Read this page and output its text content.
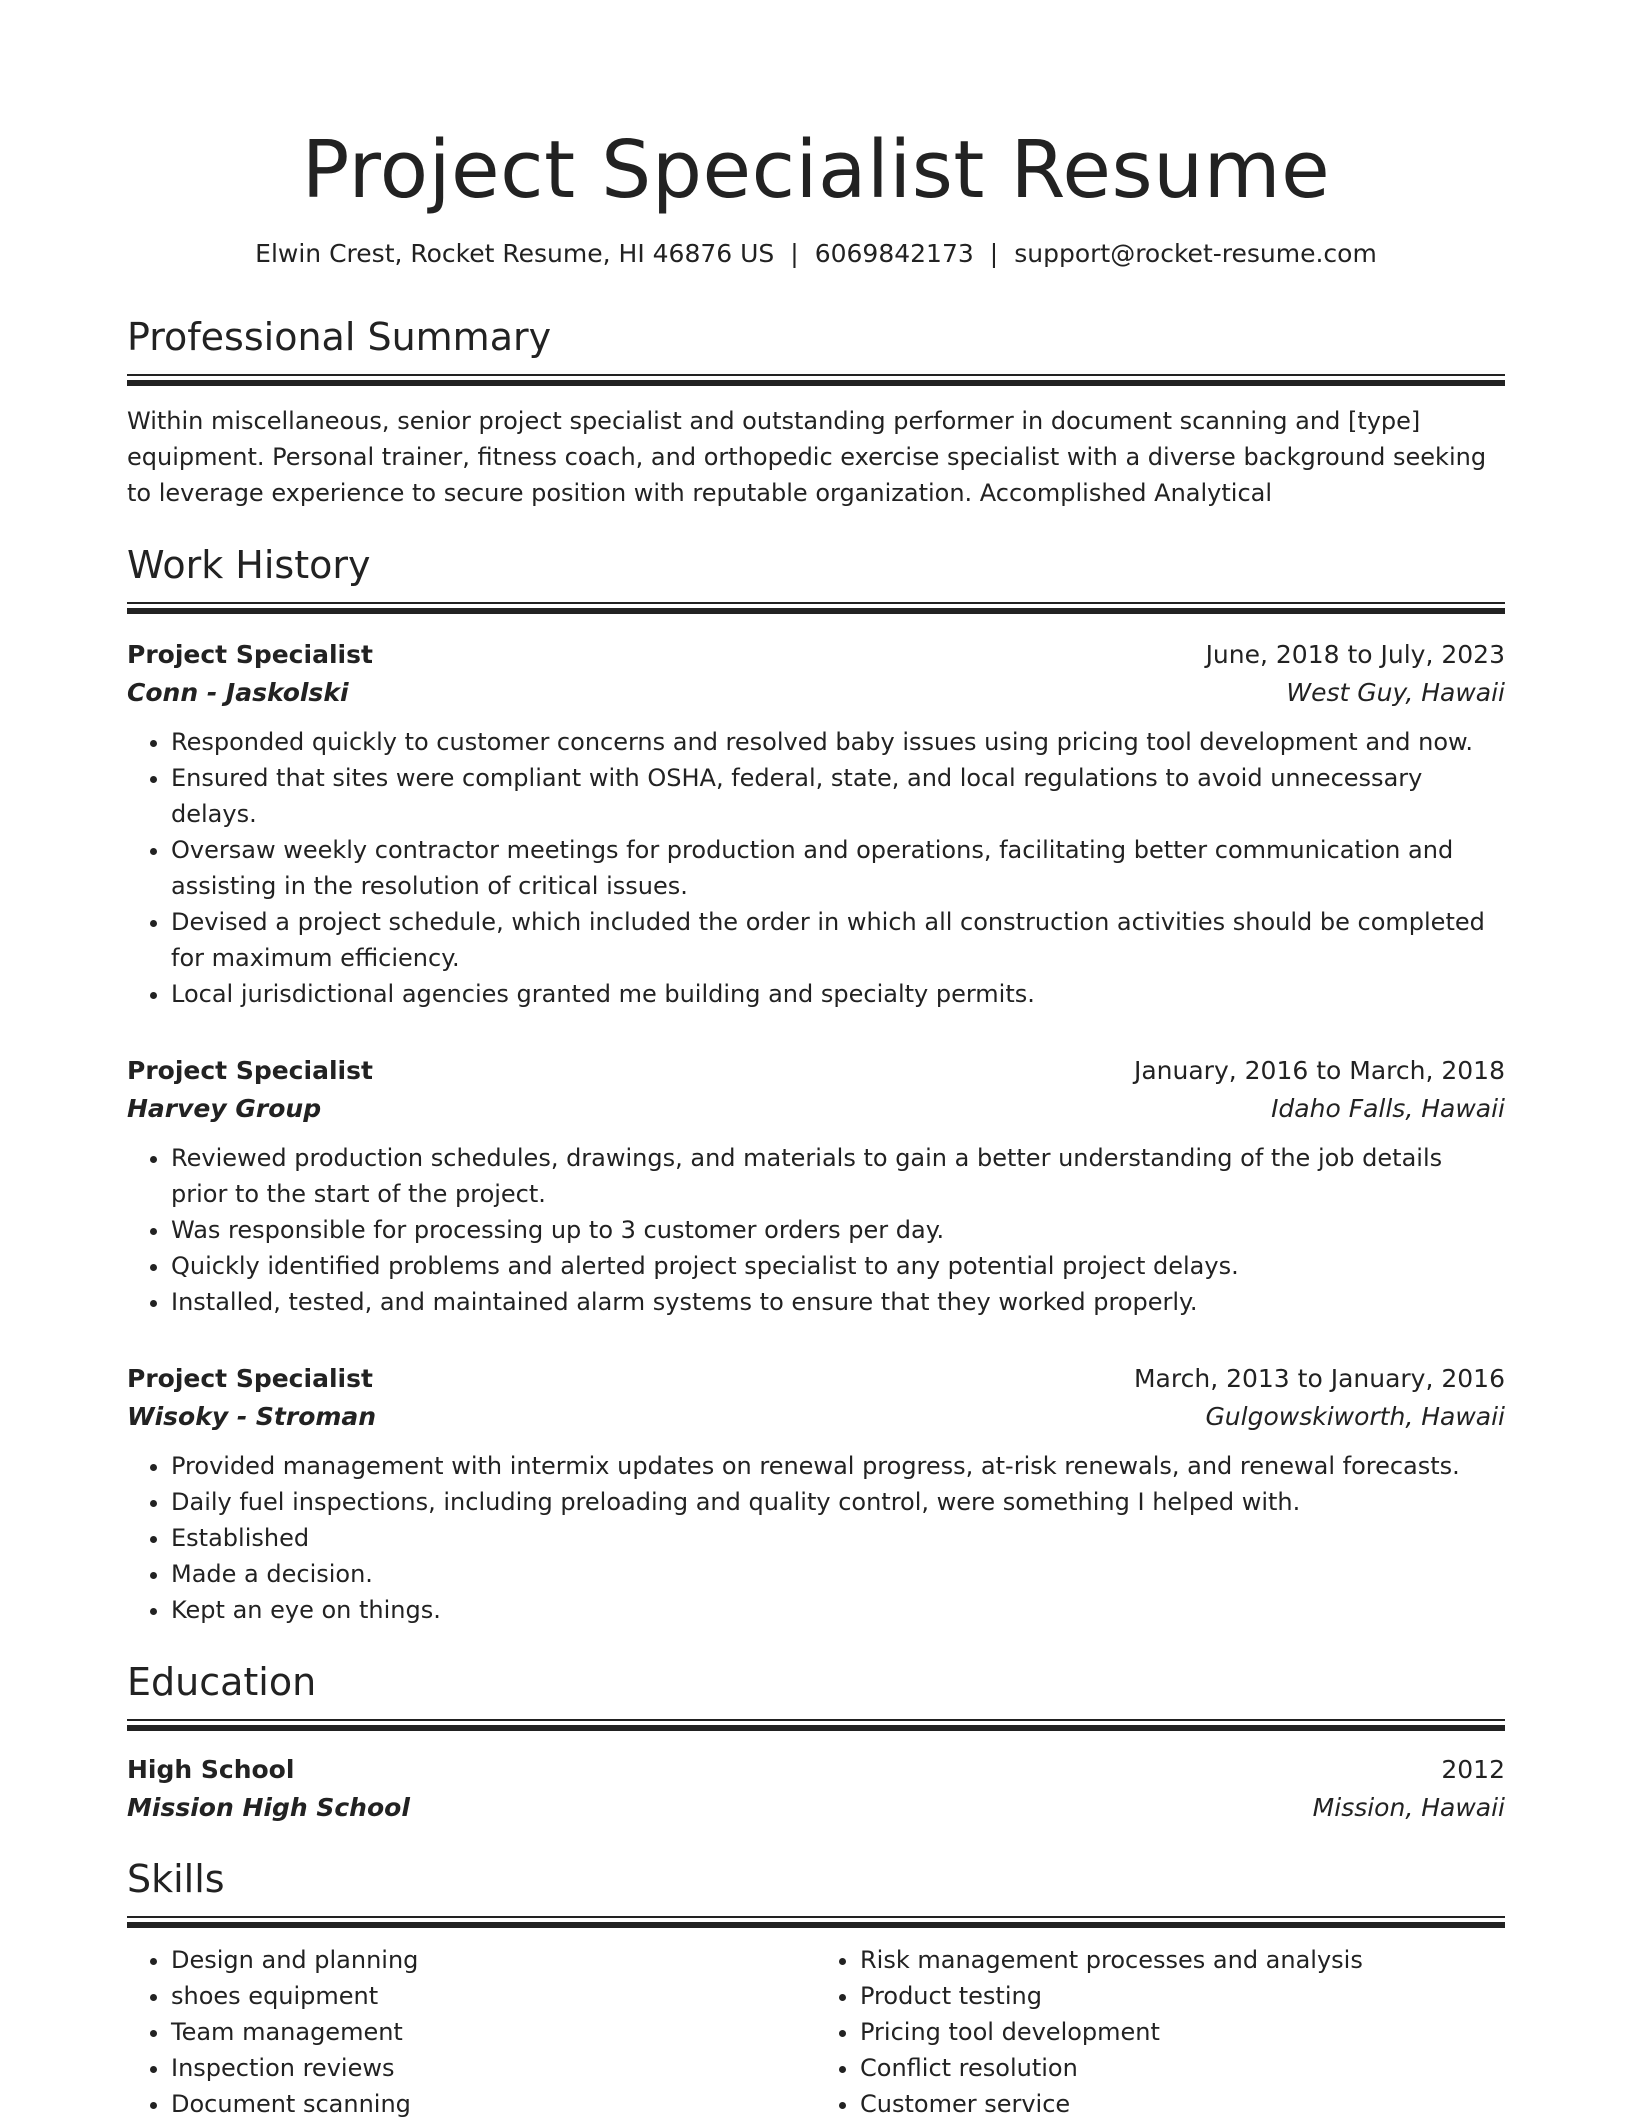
Project Specialist Resume
Elwin Crest, Rocket Resume, HI 46876 US | 6069842173 | support@rocket-resume.com
Professional Summary
Within miscellaneous, senior project specialist and outstanding performer in document scanning and [type] equipment. Personal trainer, fitness coach, and orthopedic exercise specialist with a diverse background seeking to leverage experience to secure position with reputable organization. Accomplished Analytical
Work History
Project Specialist	June, 2018 to July, 2023
Conn - Jaskolski	West Guy, Hawaii
• Responded quickly to customer concerns and resolved baby issues using pricing tool development and now.
• Ensured that sites were compliant with OSHA, federal, state, and local regulations to avoid unnecessary delays.
• Oversaw weekly contractor meetings for production and operations, facilitating better communication and assisting in the resolution of critical issues.
• Devised a project schedule, which included the order in which all construction activities should be completed for maximum efficiency.
• Local jurisdictional agencies granted me building and specialty permits.
Project Specialist	January, 2016 to March, 2018
Harvey Group	Idaho Falls, Hawaii
• Reviewed production schedules, drawings, and materials to gain a better understanding of the job details prior to the start of the project.
• Was responsible for processing up to 3 customer orders per day.
• Quickly identified problems and alerted project specialist to any potential project delays.
• Installed, tested, and maintained alarm systems to ensure that they worked properly.
Project Specialist	March, 2013 to January, 2016
Wisoky - Stroman	Gulgowskiworth, Hawaii
• Provided management with intermix updates on renewal progress, at-risk renewals, and renewal forecasts.
• Daily fuel inspections, including preloading and quality control, were something I helped with.
• Established
• Made a decision.
• Kept an eye on things.
Education
High School	2012
Mission High School	Mission, Hawaii
Skills
• Design and planning
• shoes equipment
• Team management
• Inspection reviews
• Document scanning
• Risk management processes and analysis
• Product testing
• Pricing tool development
• Conflict resolution
• Customer service
